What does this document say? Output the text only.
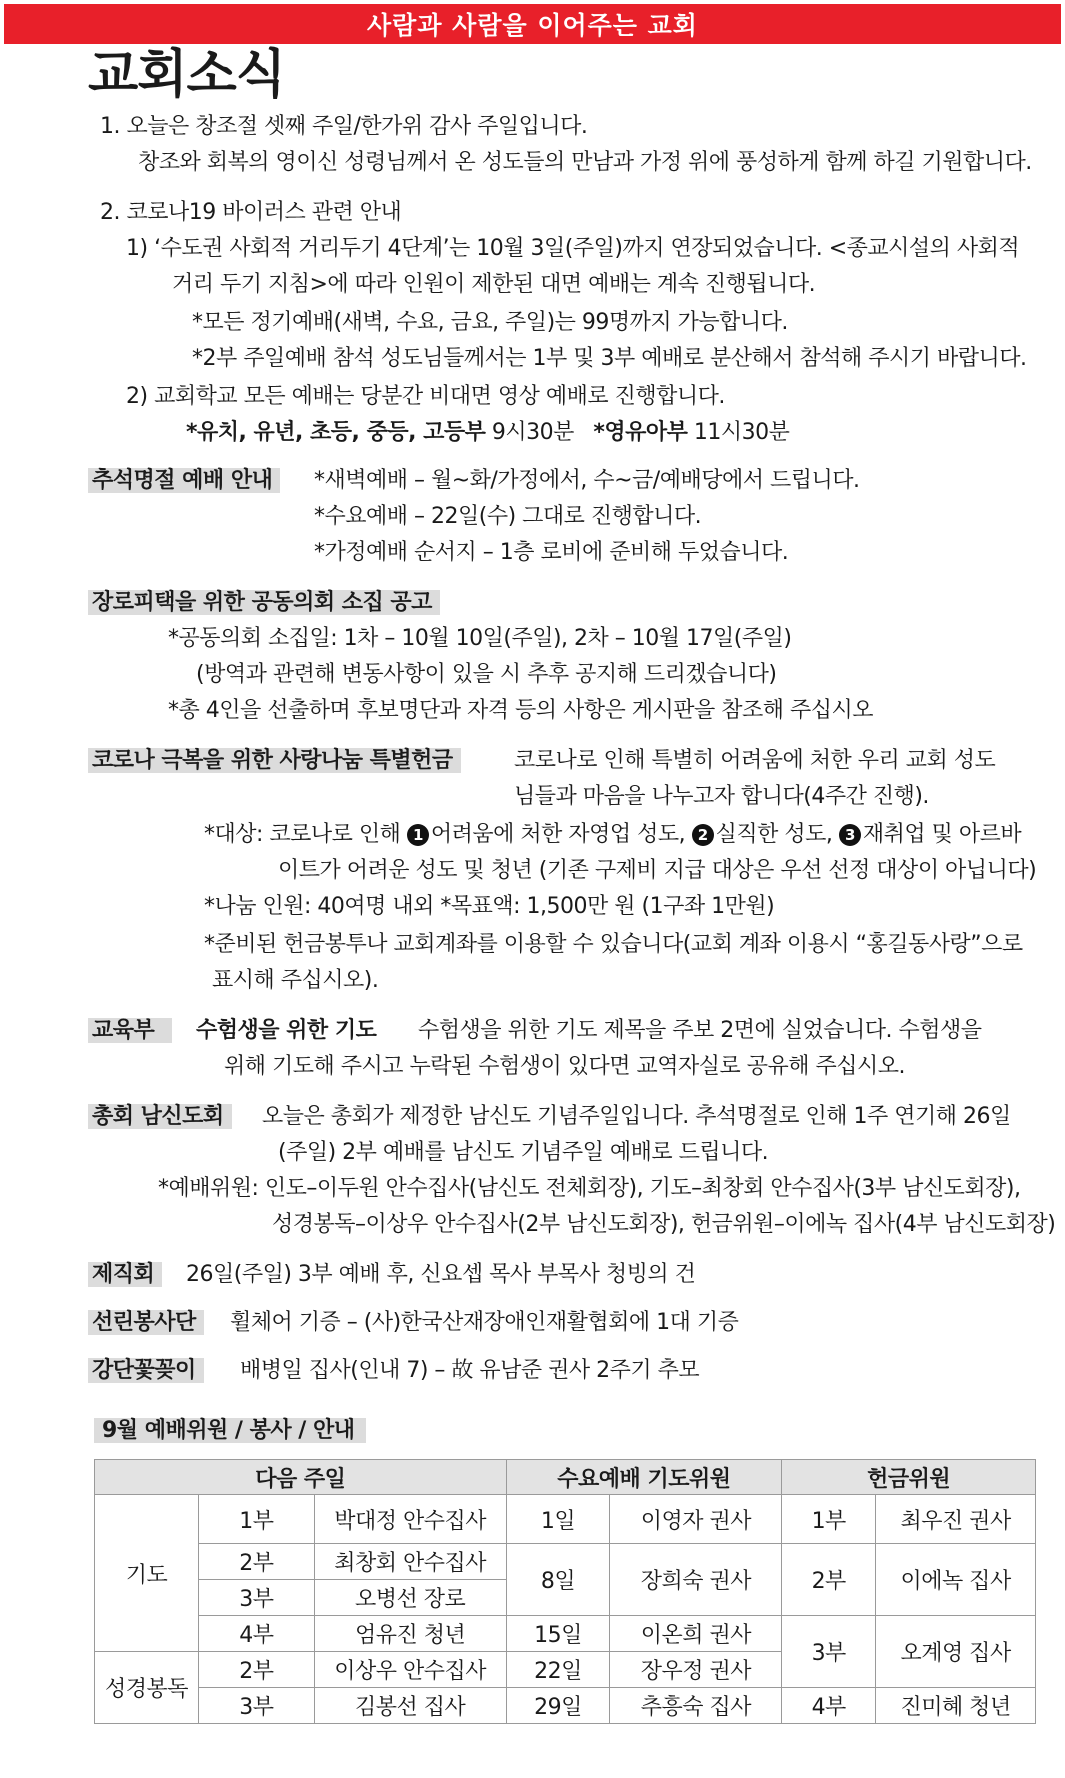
사람과 사람을 이어주는 교회
교회소식
1. 오늘은 창조절 셋째 주일/한가위 감사 주일입니다.
창조와 회복의 영이신 성령님께서 온 성도들의 만남과 가정 위에 풍성하게 함께 하길 기원합니다.
2. 코로나19 바이러스 관련 안내
1) ‘수도권 사회적 거리두기 4단계’는 10월 3일(주일)까지 연장되었습니다. <종교시설의 사회적
거리 두기 지침>에 따라 인원이 제한된 대면 예배는 계속 진행됩니다.
*모든 정기예배(새벽, 수요, 금요, 주일)는 99명까지 가능합니다.
*2부 주일예배 참석 성도님들께서는 1부 및 3부 예배로 분산해서 참석해 주시기 바랍니다.
2) 교회학교 모든 예배는 당분간 비대면 영상 예배로 진행합니다.
*유치, 유년, 초등, 중등, 고등부 9시30분 *영유아부 11시30분
추석명절 예배 안내	*새벽예배 – 월~화/가정에서, 수~금/예배당에서 드립니다.
*수요예배 – 22일(수) 그대로 진행합니다.
*가정예배 순서지 – 1층 로비에 준비해 두었습니다.
장로피택을 위한 공동의회 소집 공고
*공동의회 소집일: 1차 – 10월 10일(주일), 2차 – 10월 17일(주일)
(방역과 관련해 변동사항이 있을 시 추후 공지해 드리겠습니다)
*총 4인을 선출하며 후보명단과 자격 등의 사항은 게시판을 참조해 주십시오
코로나 극복을 위한 사랑나눔 특별헌금	코로나로 인해 특별히 어려움에 처한 우리 교회 성도
님들과 마음을 나누고자 합니다(4주간 진행).
*대상: 코로나로 인해 1 어려움에 처한 자영업 성도, 2 실직한 성도, 3 재취업 및 아르바
이트가 어려운 성도 및 청년 (기존 구제비 지급 대상은 우선 선정 대상이 아닙니다)
*나눔 인원: 40여명 내외 *목표액: 1,500만 원 (1구좌 1만원)
*준비된 헌금봉투나 교회계좌를 이용할 수 있습니다(교회 계좌 이용시 “홍길동사랑”으로
표시해 주십시오).
교육부	수험생을 위한 기도 수험생을 위한 기도 제목을 주보 2면에 실었습니다. 수험생을
위해 기도해 주시고 누락된 수험생이 있다면 교역자실로 공유해 주십시오.
총회 남신도회	오늘은 총회가 제정한 남신도 기념주일입니다. 추석명절로 인해 1주 연기해 26일
(주일) 2부 예배를 남신도 기념주일 예배로 드립니다.
*예배위원: 인도–이두원 안수집사(남신도 전체회장), 기도–최창회 안수집사(3부 남신도회장),
성경봉독–이상우 안수집사(2부 남신도회장), 헌금위원–이에녹 집사(4부 남신도회장)
제직회	26일(주일) 3부 예배 후, 신요셉 목사 부목사 청빙의 건
선린봉사단	휠체어 기증 – (사)한국산재장애인재활협회에 1대 기증
강단꽃꽂이	배병일 집사(인내 7) – 故 유남준 권사 2주기 추모
9월 예배위원 / 봉사 / 안내
다음 주일			수요예배 기도위원		헌금위원	
기도	1부	박대정 안수집사	1일	이영자 권사	1부	최우진 권사
	2부	최창회 안수집사	8일	장희숙 권사	2부	이에녹 집사
	3부	오병선 장로				
	4부	엄유진 청년	15일	이온희 권사	3부	오계영 집사
성경봉독	2부	이상우 안수집사	22일	장우정 권사		
	3부	김봉선 집사	29일	추흥숙 집사	4부	진미혜 청년
